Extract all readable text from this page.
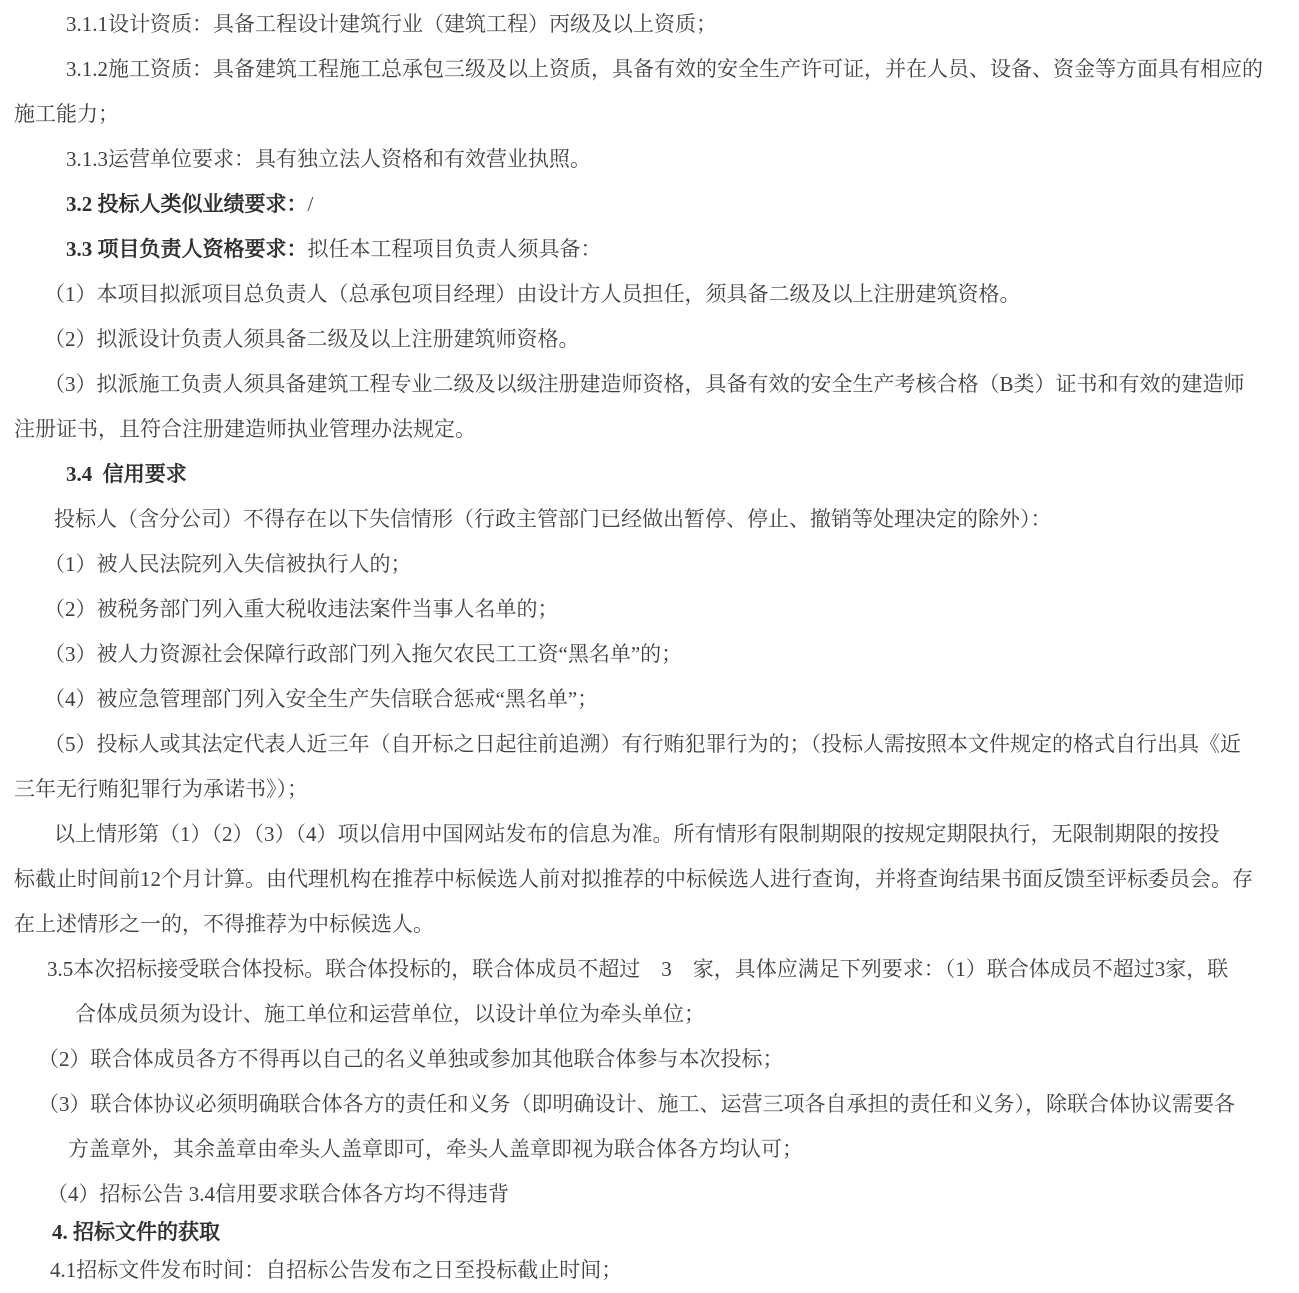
3.1.1设计资质：具备工程设计建筑行业（建筑工程）丙级及以上资质；
3.1.2施工资质：具备建筑工程施工总承包三级及以上资质，具备有效的安全生产许可证，并在人员、设备、资金等方面具有相应的
施工能力；
3.1.3运营单位要求：具有独立法人资格和有效营业执照。
3.2 投标人类似业绩要求：/
3.3 项目负责人资格要求：拟任本工程项目负责人须具备：
（1）本项目拟派项目总负责人（总承包项目经理）由设计方人员担任，须具备二级及以上注册建筑资格。
（2）拟派设计负责人须具备二级及以上注册建筑师资格。
（3）拟派施工负责人须具备建筑工程专业二级及以级注册建造师资格，具备有效的安全生产考核合格（B类）证书和有效的建造师
注册证书，且符合注册建造师执业管理办法规定。
3.4  信用要求
投标人（含分公司）不得存在以下失信情形（行政主管部门已经做出暂停、停止、撤销等处理决定的除外）：
（1）被人民法院列入失信被执行人的；
（2）被税务部门列入重大税收违法案件当事人名单的；
（3）被人力资源社会保障行政部门列入拖欠农民工工资“黑名单”的；
（4）被应急管理部门列入安全生产失信联合惩戒“黑名单”；
（5）投标人或其法定代表人近三年（自开标之日起往前追溯）有行贿犯罪行为的；（投标人需按照本文件规定的格式自行出具《近
三年无行贿犯罪行为承诺书》）；
以上情形第（1）（2）（3）（4）项以信用中国网站发布的信息为准。所有情形有限制期限的按规定期限执行，无限制期限的按投
标截止时间前12个月计算。由代理机构在推荐中标候选人前对拟推荐的中标候选人进行查询，并将查询结果书面反馈至评标委员会。存
在上述情形之一的，不得推荐为中标候选人。
3.5本次招标接受联合体投标。联合体投标的，联合体成员不超过　3　家，具体应满足下列要求：（1）联合体成员不超过3家，联
合体成员须为设计、施工单位和运营单位，以设计单位为牵头单位；
（2）联合体成员各方不得再以自己的名义单独或参加其他联合体参与本次投标；
（3）联合体协议必须明确联合体各方的责任和义务（即明确设计、施工、运营三项各自承担的责任和义务），除联合体协议需要各
方盖章外，其余盖章由牵头人盖章即可，牵头人盖章即视为联合体各方均认可；
（4）招标公告 3.4信用要求联合体各方均不得违背
4. 招标文件的获取
4.1招标文件发布时间：自招标公告发布之日至投标截止时间；
